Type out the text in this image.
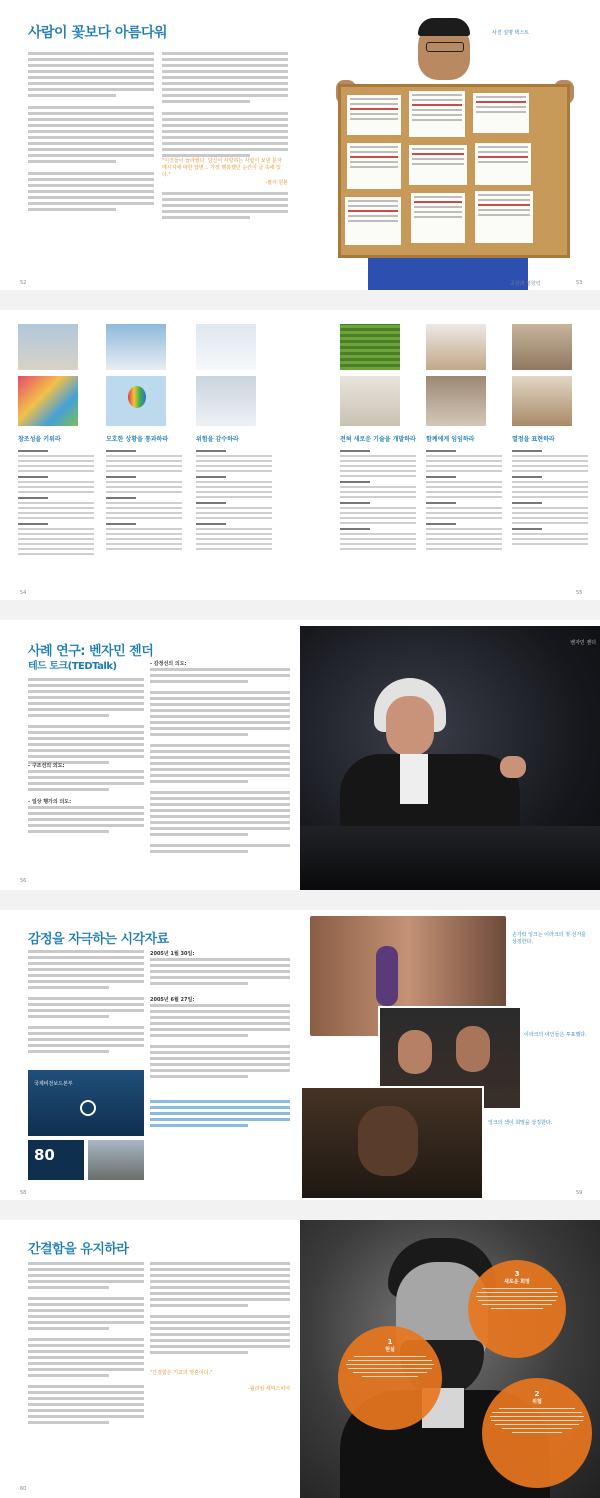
사람이 꽃보다 아름다워
"이것들이 놀라웠다. 당신이 사랑하는 사람이 보낸 문자 메시지에 대한 답변... 가장 행복했던 순간이 글 속에 있다."
-필자 원본
사진 설명 텍스트
52	공감과 영향력	53
창조성을 키워라	모호한 상황을 통과하라	위험을 감수하라	전혀 새로운 기술을 개발하라	함께에게 임임하라	열정을 표현하라
54	55
사례 연구: 벤자민 젠더
테드 토크(TEDTalk)
- 구조선의 의도:
- 일상 행가의 의도:
- 감정선의 의도:
벤자민 젠더
56
감정을 자극하는 시각자료
국제비전보드본부
80
2005년 1월 30일:
2005년 6월 27일:
손가락 잉크는 이라크의 첫 선거를 상징한다.
이라크의 여인들은 투표했다.
잉크의 색이 희망을 상징한다.
58	59
간결함을 유지하라
"간결함은 기교의 영혼이다."
-윌리엄 셰익스피어
3
새로운 희망
1
현실
2
위협
60
